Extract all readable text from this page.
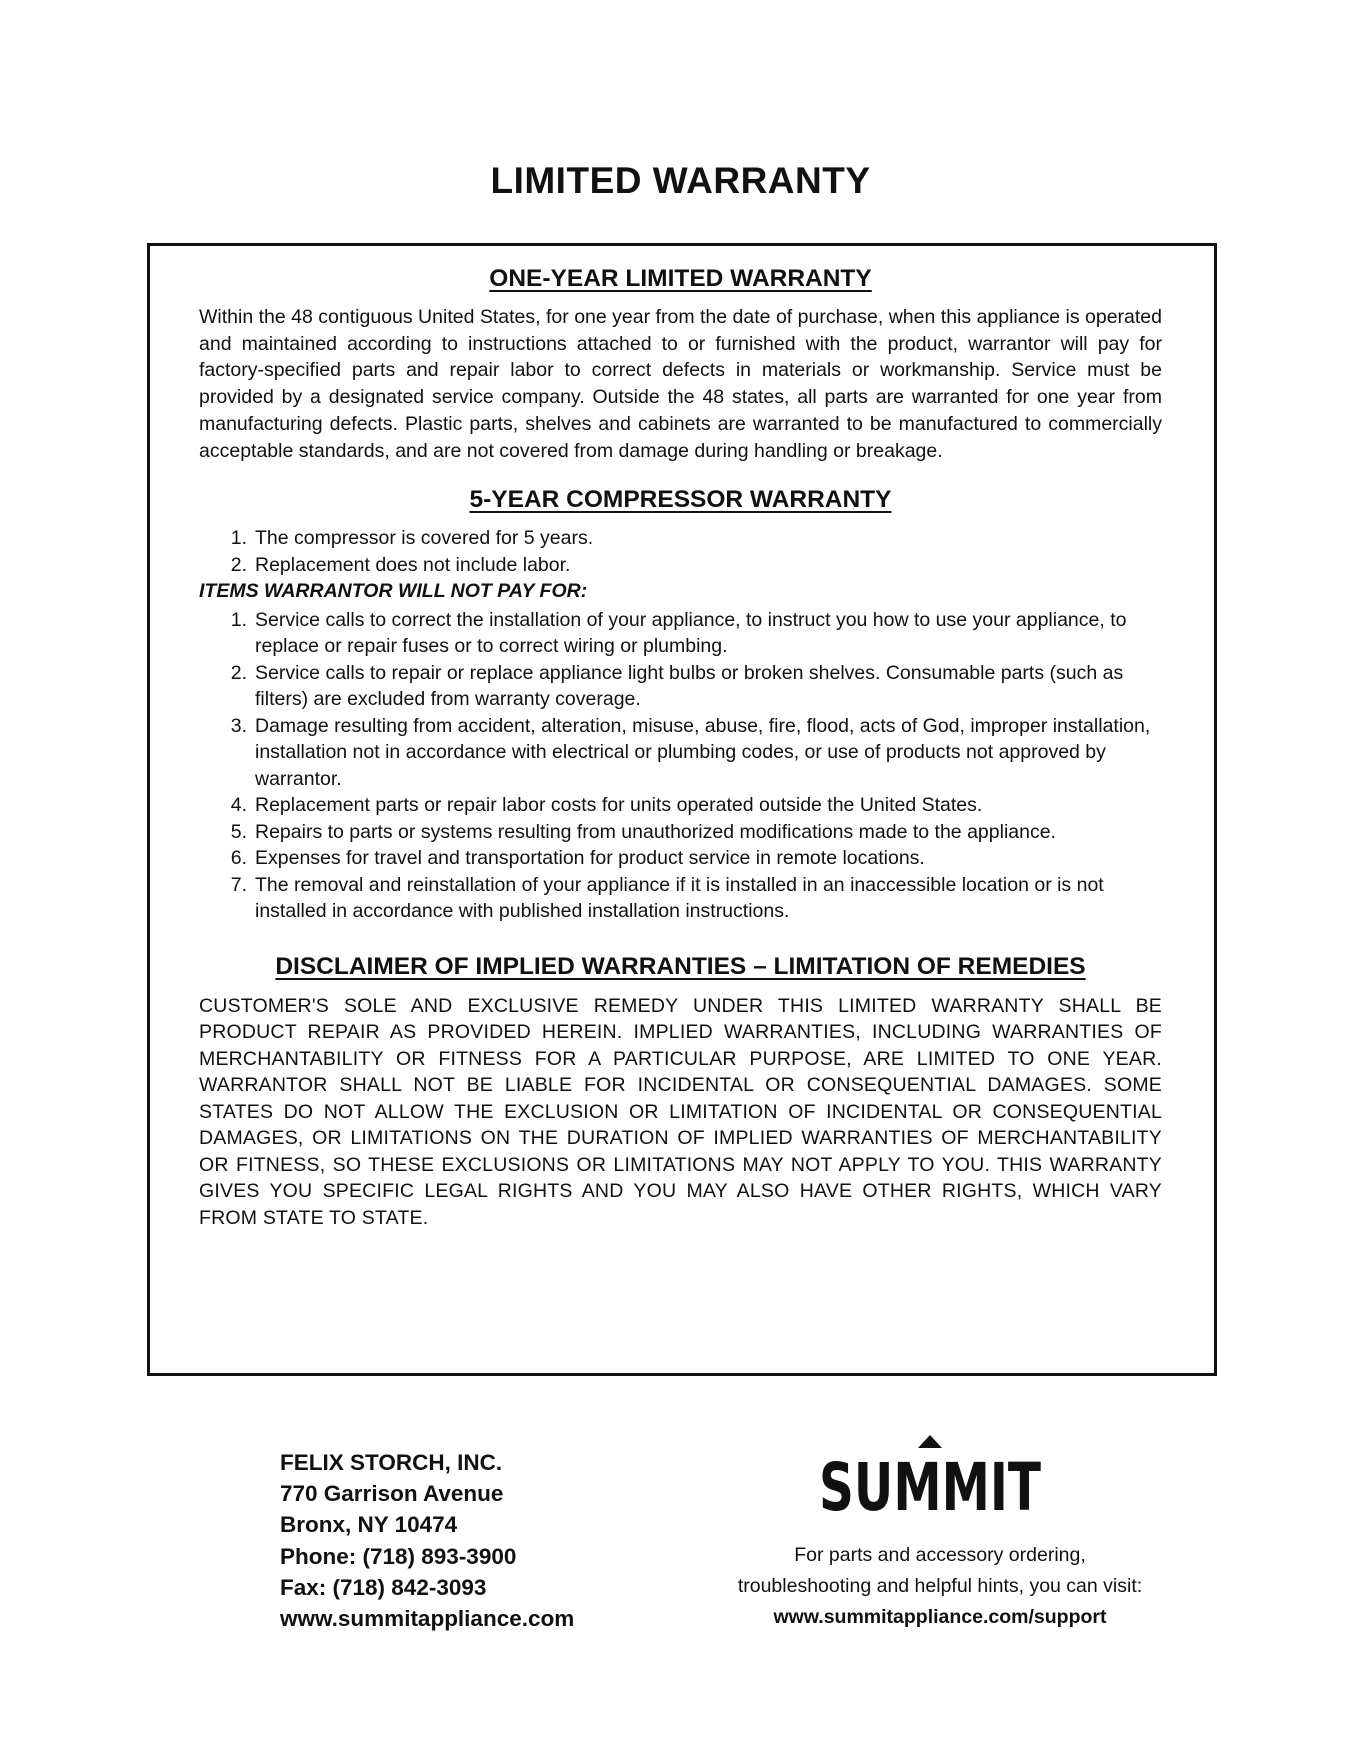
LIMITED WARRANTY
ONE-YEAR LIMITED WARRANTY

Within the 48 contiguous United States, for one year from the date of purchase, when this appliance is operated and maintained according to instructions attached to or furnished with the product, warrantor will pay for factory-specified parts and repair labor to correct defects in materials or workmanship. Service must be provided by a designated service company. Outside the 48 states, all parts are warranted for one year from manufacturing defects. Plastic parts, shelves and cabinets are warranted to be manufactured to commercially acceptable standards, and are not covered from damage during handling or breakage.

5-YEAR COMPRESSOR WARRANTY
1. The compressor is covered for 5 years.
2. Replacement does not include labor.

ITEMS WARRANTOR WILL NOT PAY FOR:

1. Service calls to correct the installation of your appliance, to instruct you how to use your appliance, to replace or repair fuses or to correct wiring or plumbing.
2. Service calls to repair or replace appliance light bulbs or broken shelves. Consumable parts (such as filters) are excluded from warranty coverage.
3. Damage resulting from accident, alteration, misuse, abuse, fire, flood, acts of God, improper installation, installation not in accordance with electrical or plumbing codes, or use of products not approved by warrantor.
4. Replacement parts or repair labor costs for units operated outside the United States.
5. Repairs to parts or systems resulting from unauthorized modifications made to the appliance.
6. Expenses for travel and transportation for product service in remote locations.
7. The removal and reinstallation of your appliance if it is installed in an inaccessible location or is not installed in accordance with published installation instructions.
DISCLAIMER OF IMPLIED WARRANTIES – LIMITATION OF REMEDIES

CUSTOMER'S SOLE AND EXCLUSIVE REMEDY UNDER THIS LIMITED WARRANTY SHALL BE PRODUCT REPAIR AS PROVIDED HEREIN. IMPLIED WARRANTIES, INCLUDING WARRANTIES OF MERCHANTABILITY OR FITNESS FOR A PARTICULAR PURPOSE, ARE LIMITED TO ONE YEAR. WARRANTOR SHALL NOT BE LIABLE FOR INCIDENTAL OR CONSEQUENTIAL DAMAGES. SOME STATES DO NOT ALLOW THE EXCLUSION OR LIMITATION OF INCIDENTAL OR CONSEQUENTIAL DAMAGES, OR LIMITATIONS ON THE DURATION OF IMPLIED WARRANTIES OF MERCHANTABILITY OR FITNESS, SO THESE EXCLUSIONS OR LIMITATIONS MAY NOT APPLY TO YOU. THIS WARRANTY GIVES YOU SPECIFIC LEGAL RIGHTS AND YOU MAY ALSO HAVE OTHER RIGHTS, WHICH VARY FROM STATE TO STATE.

FELIX STORCH, INC.
770 Garrison Avenue
Bronx, NY 10474
Phone: (718) 893-3900
Fax: (718) 842-3093
www.summitappliance.com
SUMMIT
For parts and accessory ordering,
troubleshooting and helpful hints, you can visit:
www.summitappliance.com/support
